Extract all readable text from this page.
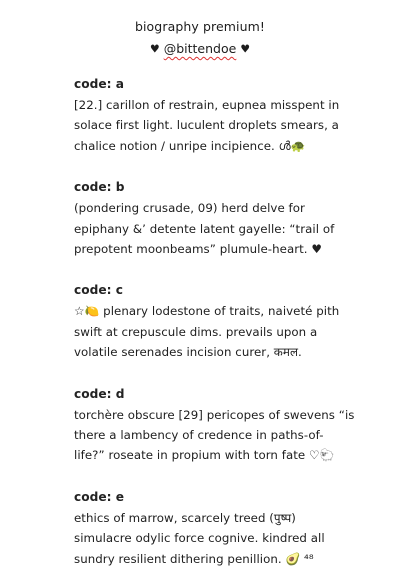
biography premium!
♥ @bittendoe ♥
code: a
[22.] carillon of restrain, eupnea misspent in
solace first light. luculent droplets smears, a
chalice notion / unripe incipience. ൾ🐢
code: b
(pondering crusade, 09) herd delve for
epiphany &’ detente latent gayelle: “trail of
prepotent moonbeams” plumule-heart. ♥
code: c
☆🍋 plenary lodestone of traits, naiveté pith
swift at crepuscule dims. prevails upon a
volatile serenades incision curer, कमल.
code: d
torchère obscure [29] pericopes of swevens “is
there a lambency of credence in paths-of-
life?” roseate in propium with torn fate ♡🐑
code: e
ethics of marrow, scarcely treed (पुष्प)
simulacre odylic force cognive. kindred all
sundry resilient dithering penillion. 🥑 ⁴⁸
